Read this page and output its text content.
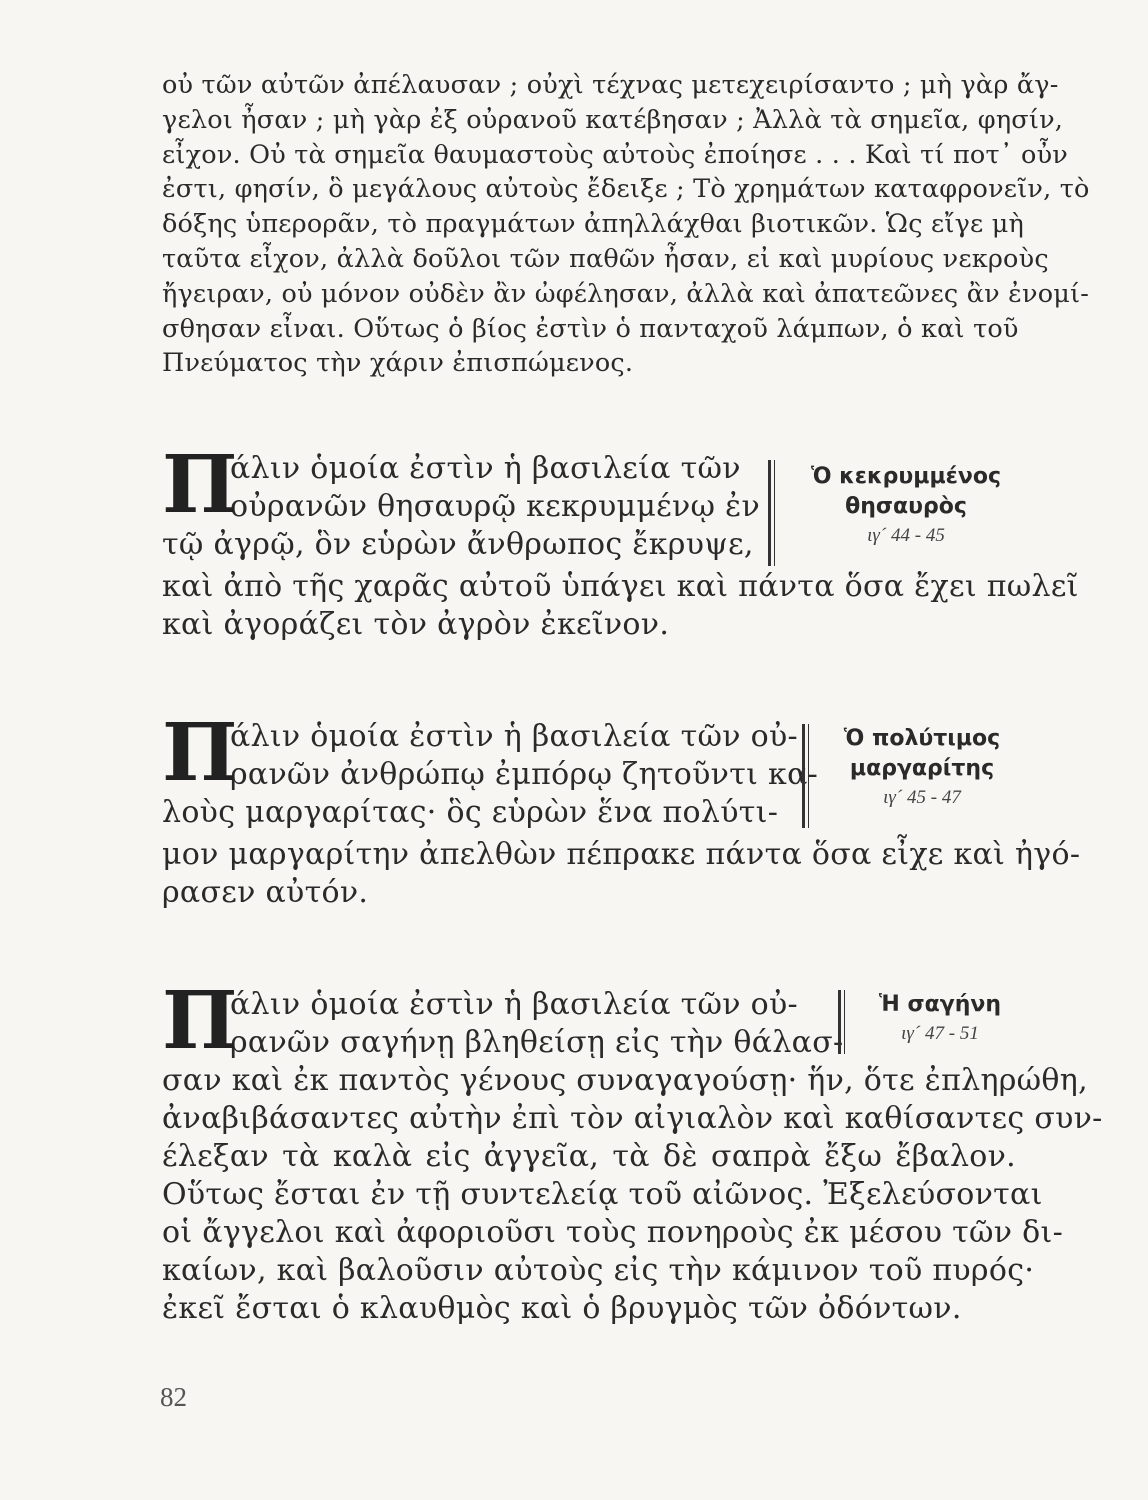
οὐ τῶν αὐτῶν ἀπέλαυσαν ; οὐχὶ τέχνας μετεχειρίσαντο ; μὴ γὰρ ἄγ-
γελοι ἦσαν ; μὴ γὰρ ἐξ οὐρανοῦ κατέβησαν ; Ἀλλὰ τὰ σημεῖα, φησίν,
εἶχον. Οὐ τὰ σημεῖα θαυμαστοὺς αὐτοὺς ἐποίησε . . . Καὶ τί ποτ᾽ οὖν
ἐστι, φησίν, ὃ μεγάλους αὐτοὺς ἔδειξε ; Τὸ χρημάτων καταφρονεῖν, τὸ
δόξης ὑπερορᾶν, τὸ πραγμάτων ἀπηλλάχθαι βιοτικῶν. Ὡς εἴγε μὴ
ταῦτα εἶχον, ἀλλὰ δοῦλοι τῶν παθῶν ἦσαν, εἰ καὶ μυρίους νεκροὺς
ἤγειραν, οὐ μόνον οὐδὲν ἂν ὠφέλησαν, ἀλλὰ καὶ ἀπατεῶνες ἂν ἐνομί-
σθησαν εἶναι. Οὕτως ὁ βίος ἐστὶν ὁ πανταχοῦ λάμπων, ὁ καὶ τοῦ
Πνεύματος τὴν χάριν ἐπισπώμενος.
Π
άλιν ὁμοία ἐστὶν ἡ βασιλεία τῶν
οὐρανῶν θησαυρῷ κεκρυμμένῳ ἐν
τῷ ἀγρῷ, ὃν εὑρὼν ἄνθρωπος ἔκρυψε,
καὶ ἀπὸ τῆς χαρᾶς αὐτοῦ ὑπάγει καὶ πάντα ὅσα ἔχει πωλεῖ
καὶ ἀγοράζει τὸν ἀγρὸν ἐκεῖνον.
Ὁ κεκρυμμένος
θησαυρὸς
ιγ´ 44 - 45
Π
άλιν ὁμοία ἐστὶν ἡ βασιλεία τῶν οὐ-
ρανῶν ἀνθρώπῳ ἐμπόρῳ ζητοῦντι κα-
λοὺς μαργαρίτας· ὃς εὑρὼν ἕνα πολύτι-
μον μαργαρίτην ἀπελθὼν πέπρακε πάντα ὅσα εἶχε καὶ ἠγό-
ρασεν αὐτόν.
Ὁ πολύτιμος
μαργαρίτης
ιγ´ 45 - 47
Π
άλιν ὁμοία ἐστὶν ἡ βασιλεία τῶν οὐ-
ρανῶν σαγήνῃ βληθείσῃ εἰς τὴν θάλασ-
σαν καὶ ἐκ παντὸς γένους συναγαγούσῃ· ἥν, ὅτε ἐπληρώθη,
ἀναβιβάσαντες αὐτὴν ἐπὶ τὸν αἰγιαλὸν καὶ καθίσαντες συν-
έλεξαν τὰ καλὰ εἰς ἀγγεῖα, τὰ δὲ σαπρὰ ἔξω ἔβαλον.
Οὕτως ἔσται ἐν τῇ συντελείᾳ τοῦ αἰῶνος. Ἐξελεύσονται
οἱ ἄγγελοι καὶ ἀφοριοῦσι τοὺς πονηροὺς ἐκ μέσου τῶν δι-
καίων, καὶ βαλοῦσιν αὐτοὺς εἰς τὴν κάμινον τοῦ πυρός·
ἐκεῖ ἔσται ὁ κλαυθμὸς καὶ ὁ βρυγμὸς τῶν ὀδόντων.
Ἡ σαγήνη
ιγ´ 47 - 51
82
